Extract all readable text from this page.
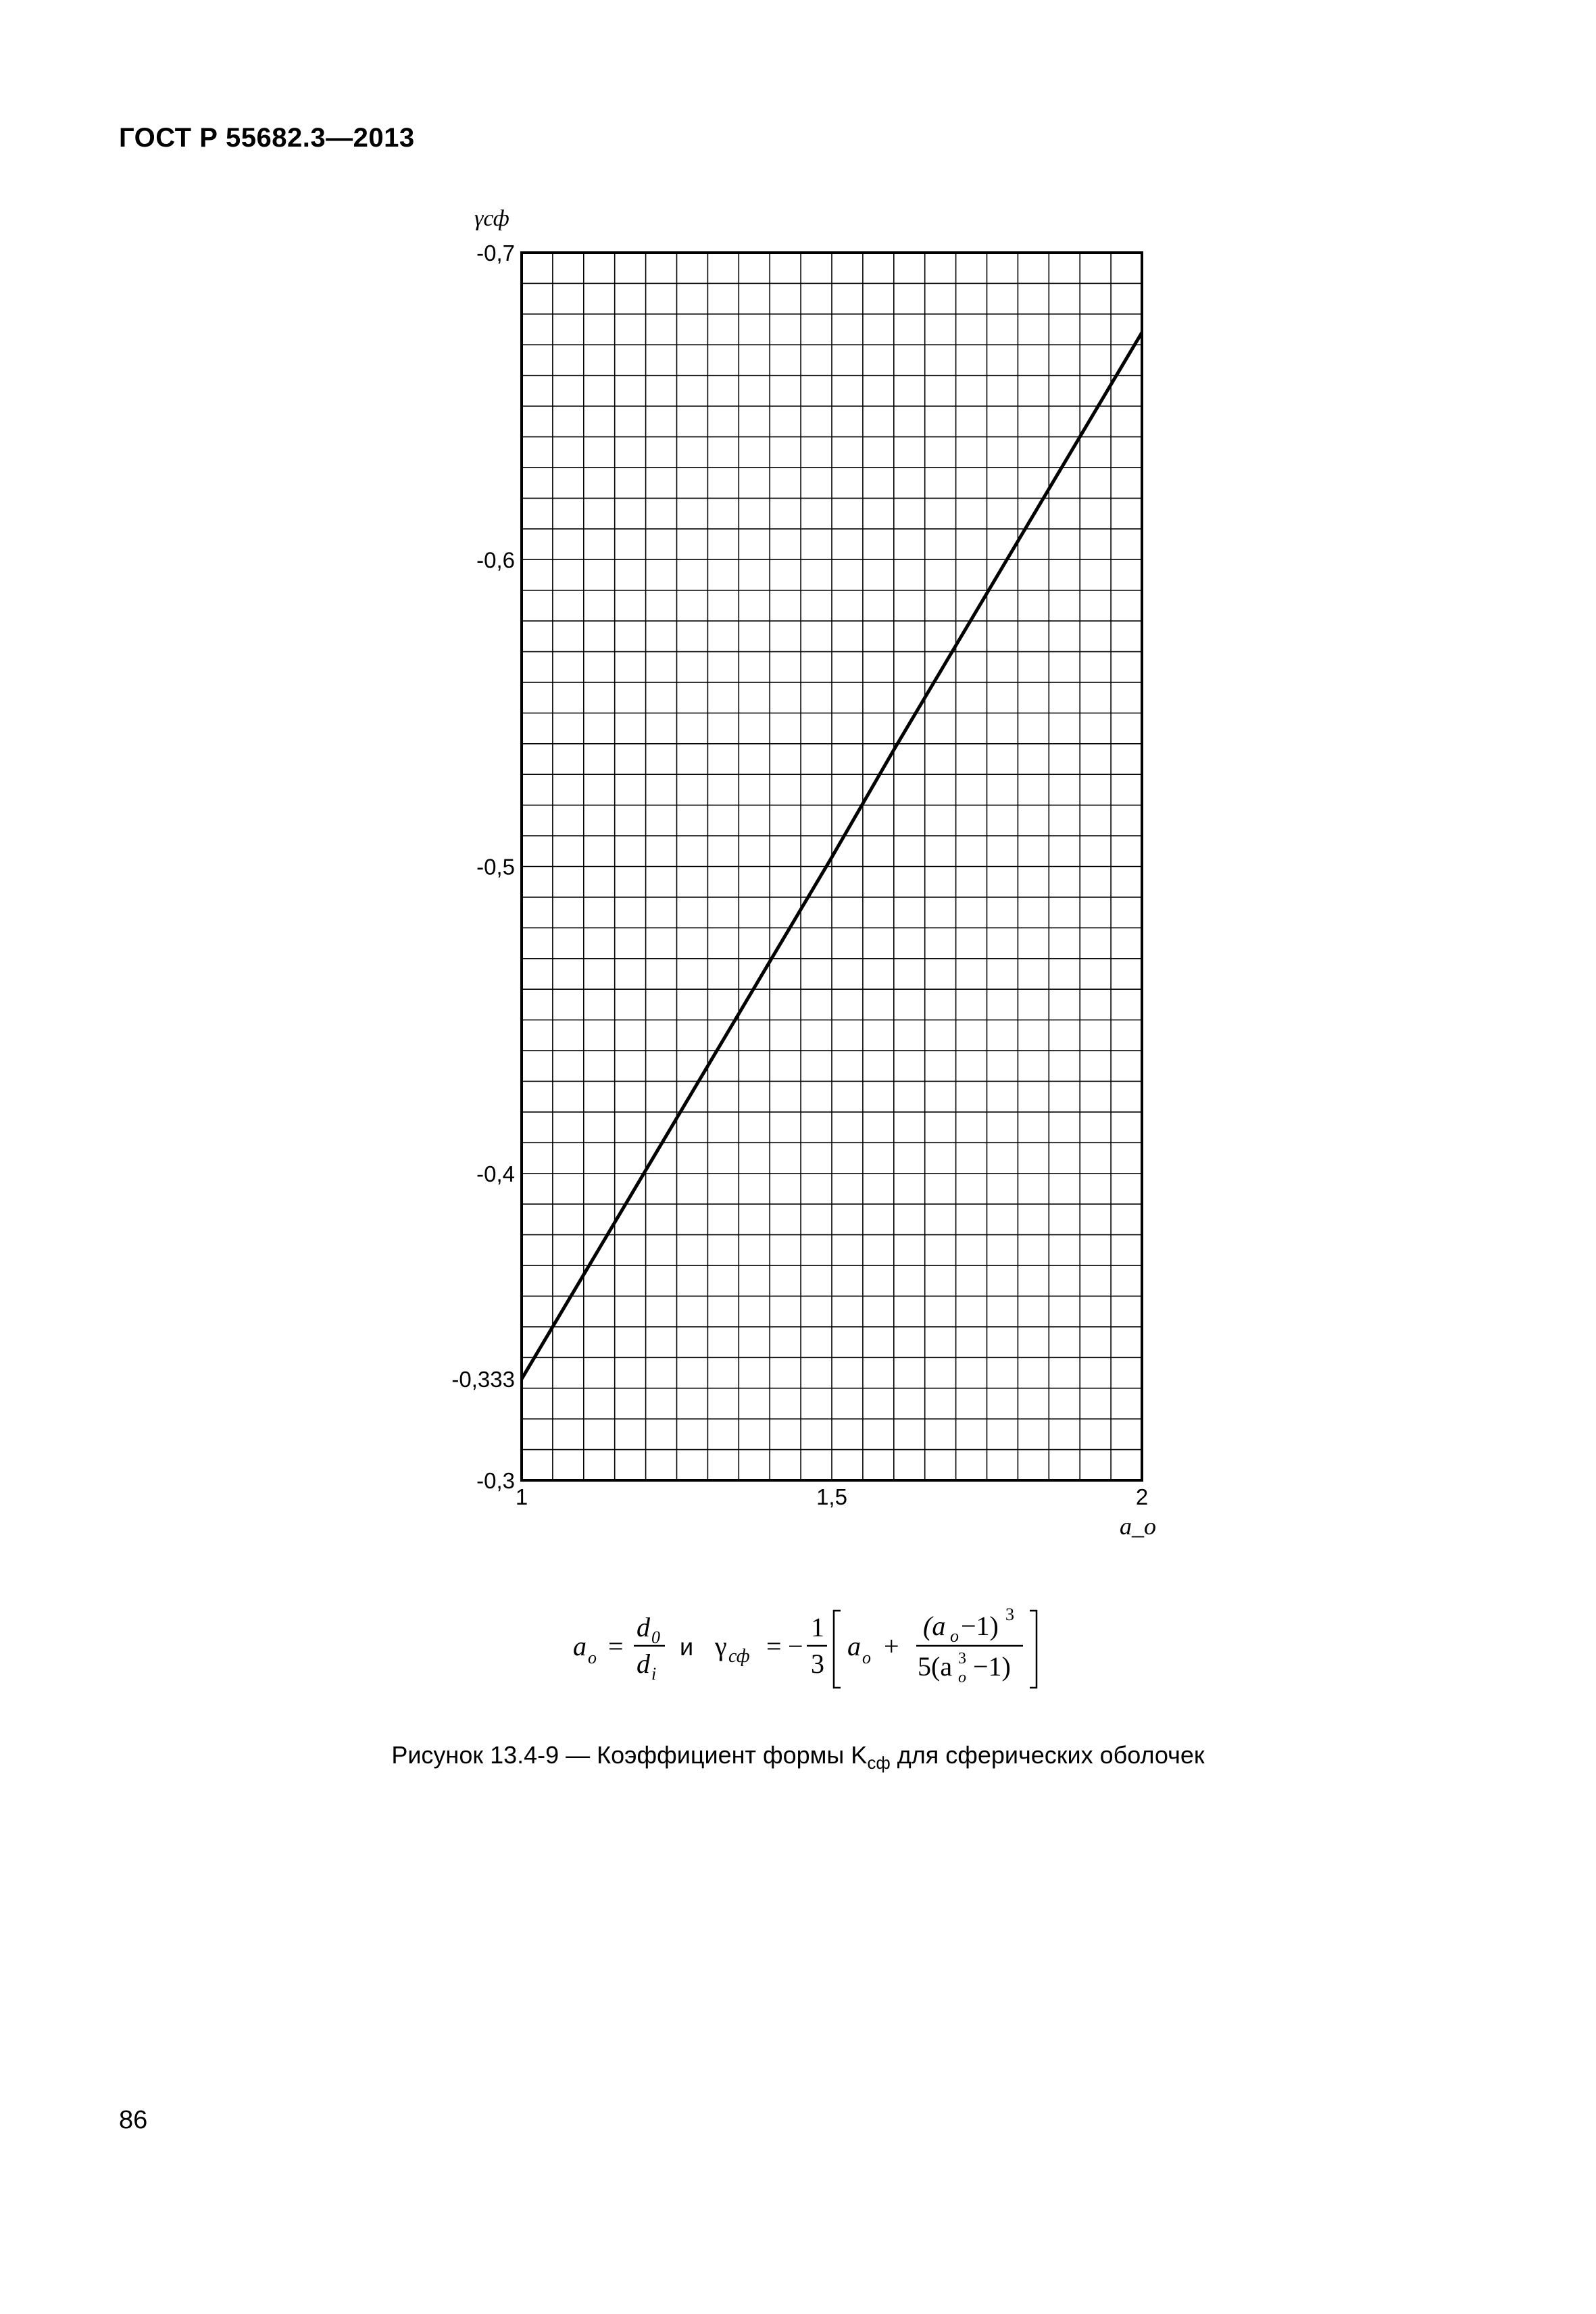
ГОСТ Р 55682.3—2013
-0,3
-0,333
-0,4
-0,5
-0,6
-0,7
1	1,5	2
γсф
a_o
a o =
d 0
d i
и γ сф = −
1
3
a o +
(a o −1) 3
5(a 3
o −1)
Рисунок 13.4-9 — Коэффициент формы $K_{сф}$ для сферических оболочек
86
